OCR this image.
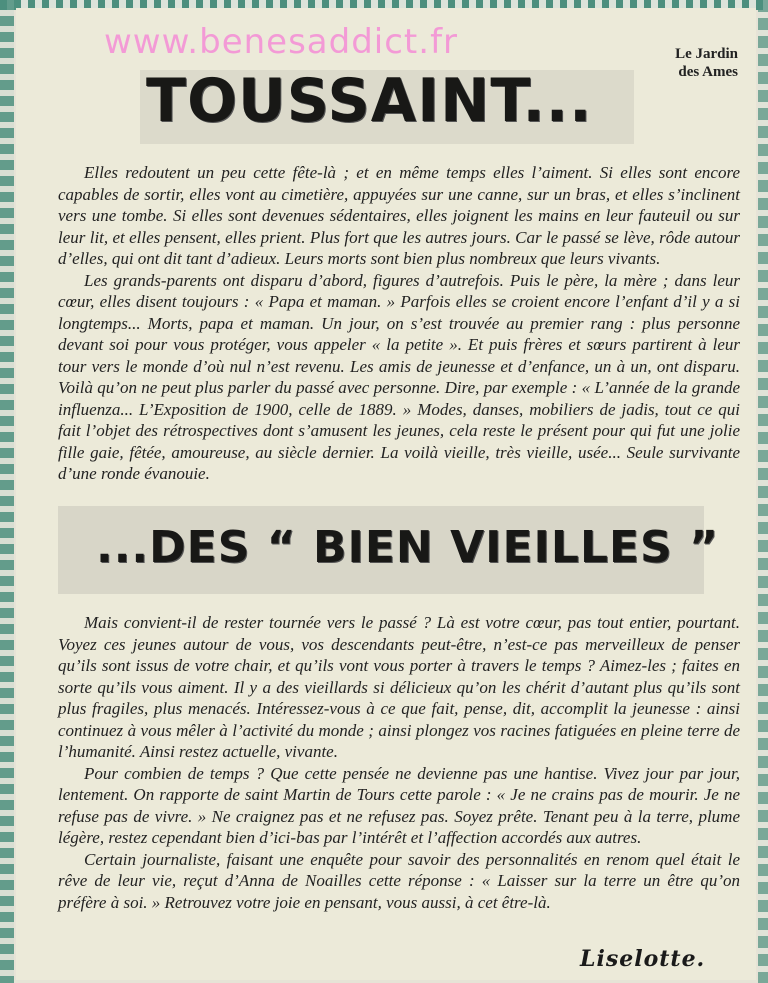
www.benesaddict.fr	Le Jardin
des Ames
TOUSSAINT...

Elles redoutent un peu cette fête-là ; et en même temps elles l’aiment. Si elles sont encore capables de sortir, elles vont au cimetière, appuyées sur une canne, sur un bras, et elles s’inclinent vers une tombe. Si elles sont devenues sédentaires, elles joignent les mains en leur fauteuil ou sur leur lit, et elles pensent, elles prient. Plus fort que les autres jours. Car le passé se lève, rôde autour d’elles, qui ont dit tant d’adieux. Leurs morts sont bien plus nombreux que leurs vivants.

Les grands-parents ont disparu d’abord, figures d’autrefois. Puis le père, la mère ; dans leur cœur, elles disent toujours : « Papa et maman. » Parfois elles se croient encore l’enfant d’il y a si longtemps... Morts, papa et maman. Un jour, on s’est trouvée au premier rang : plus personne devant soi pour vous protéger, vous appeler « la petite ». Et puis frères et sœurs partirent à leur tour vers le monde d’où nul n’est revenu. Les amis de jeunesse et d’enfance, un à un, ont disparu. Voilà qu’on ne peut plus parler du passé avec personne. Dire, par exemple : « L’année de la grande influenza... L’Exposition de 1900, celle de 1889. » Modes, danses, mobiliers de jadis, tout ce qui fait l’objet des rétrospectives dont s’amusent les jeunes, cela reste le présent pour qui fut une jolie fille gaie, fêtée, amoureuse, au siècle dernier. La voilà vieille, très vieille, usée... Seule survivante d’une ronde évanouie.

...DES “ BIEN VIEILLES ”

Mais convient-il de rester tournée vers le passé ? Là est votre cœur, pas tout entier, pourtant. Voyez ces jeunes autour de vous, vos descendants peut-être, n’est-ce pas merveilleux de penser qu’ils sont issus de votre chair, et qu’ils vont vous porter à travers le temps ? Aimez-les ; faites en sorte qu’ils vous aiment. Il y a des vieillards si délicieux qu’on les chérit d’autant plus qu’ils sont plus fragiles, plus menacés. Intéressez-vous à ce que fait, pense, dit, accomplit la jeunesse : ainsi continuez à vous mêler à l’activité du monde ; ainsi plongez vos racines fatiguées en pleine terre de l’humanité. Ainsi restez actuelle, vivante.

Pour combien de temps ? Que cette pensée ne devienne pas une hantise. Vivez jour par jour, lentement. On rapporte de saint Martin de Tours cette parole : « Je ne crains pas de mourir. Je ne refuse pas de vivre. » Ne craignez pas et ne refusez pas. Soyez prête. Tenant peu à la terre, plume légère, restez cependant bien d’ici-bas par l’intérêt et l’affection accordés aux autres.

Certain journaliste, faisant une enquête pour savoir des personnalités en renom quel était le rêve de leur vie, reçut d’Anna de Noailles cette réponse : « Laisser sur la terre un être qu’on préfère à soi. » Retrouvez votre joie en pensant, vous aussi, à cet être-là.

Liselotte.
